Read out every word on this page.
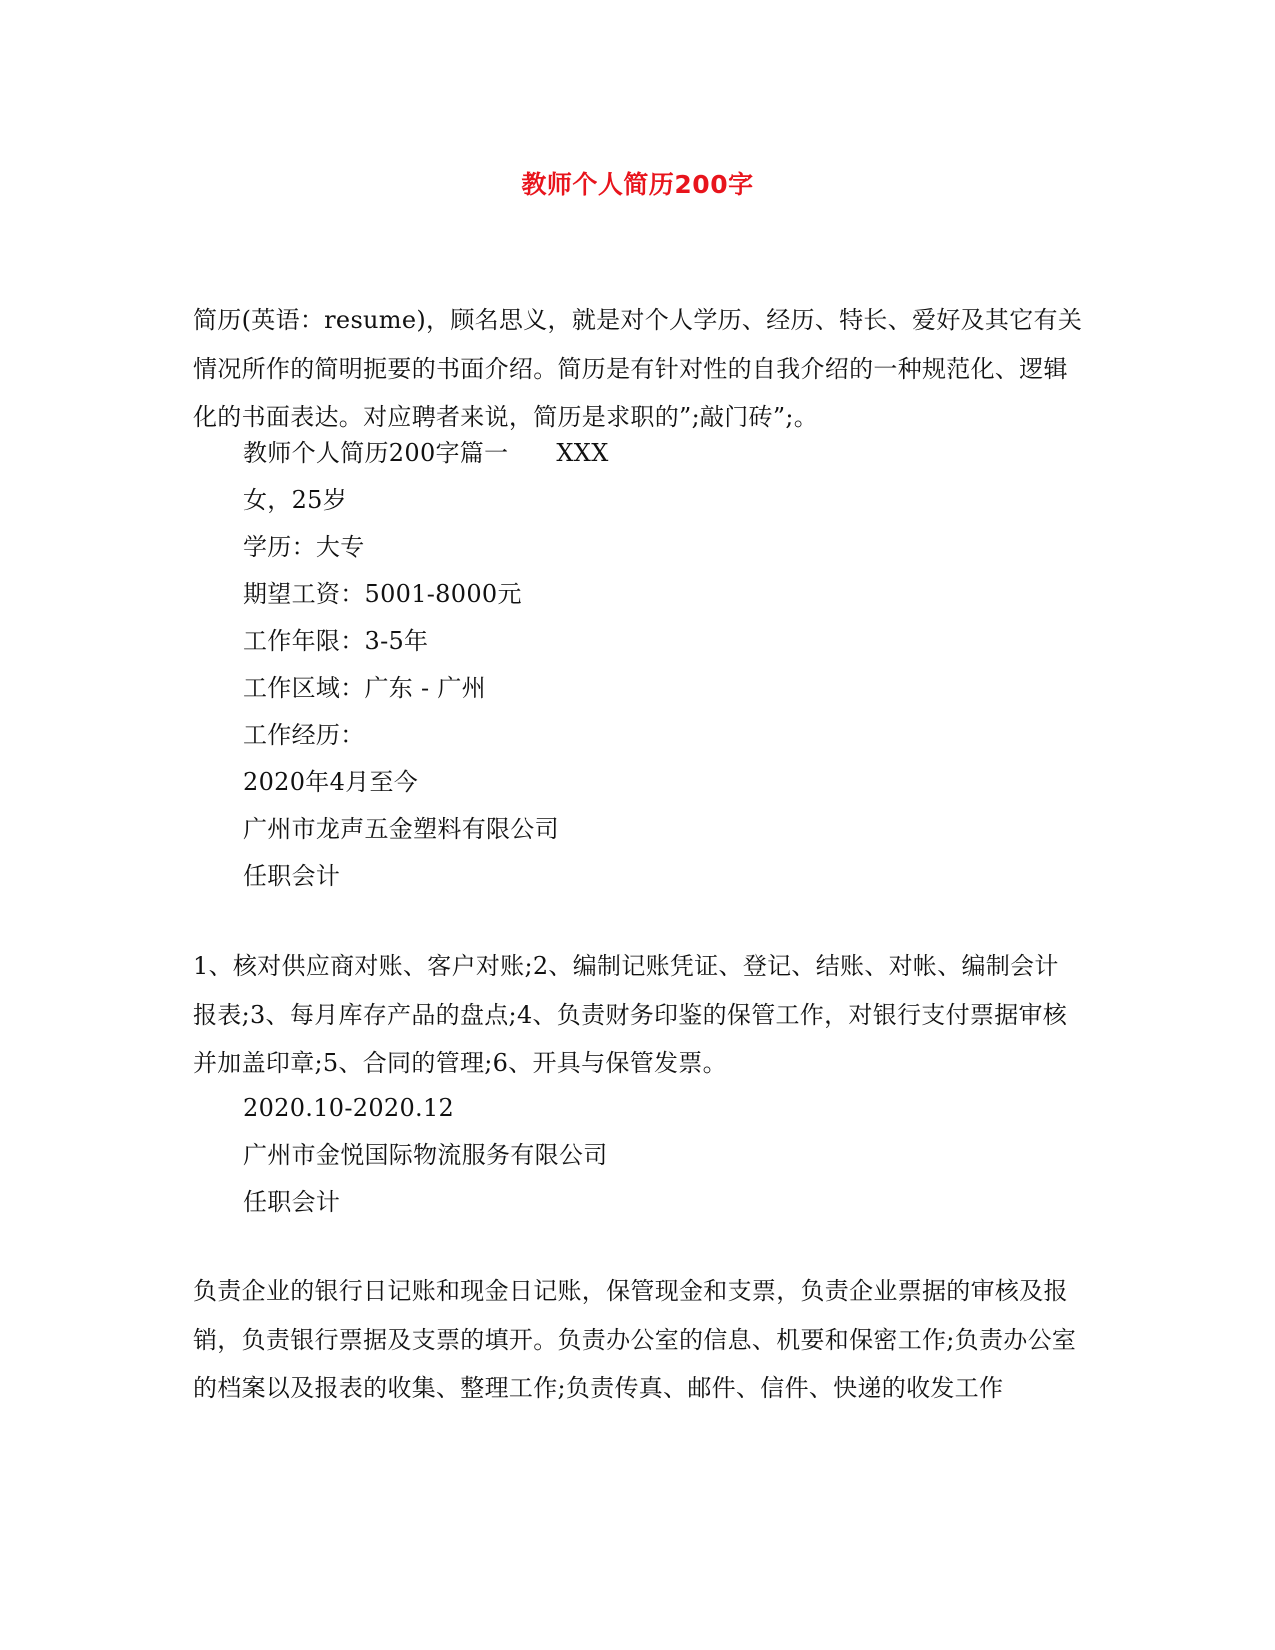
教师个人简历200字

简历(英语：resume)，顾名思义，就是对个人学历、经历、特长、爱好及其它有关情况所作的简明扼要的书面介绍。简历是有针对性的自我介绍的一种规范化、逻辑化的书面表达。对应聘者来说，简历是求职的”;敲门砖”;。

教师个人简历200字篇一 XXX
女，25岁
学历：大专
期望工资：5001-8000元
工作年限：3-5年
工作区域：广东 - 广州
工作经历：
2020年4月至今
广州市龙声五金塑料有限公司
任职会计

1、核对供应商对账、客户对账;2、编制记账凭证、登记、结账、对帐、编制会计报表;3、每月库存产品的盘点;4、负责财务印鉴的保管工作，对银行支付票据审核并加盖印章;5、合同的管理;6、开具与保管发票。

2020.10-2020.12
广州市金悦国际物流服务有限公司
任职会计

负责企业的银行日记账和现金日记账，保管现金和支票，负责企业票据的审核及报销，负责银行票据及支票的填开。负责办公室的信息、机要和保密工作;负责办公室的档案以及报表的收集、整理工作;负责传真、邮件、信件、快递的收发工作
